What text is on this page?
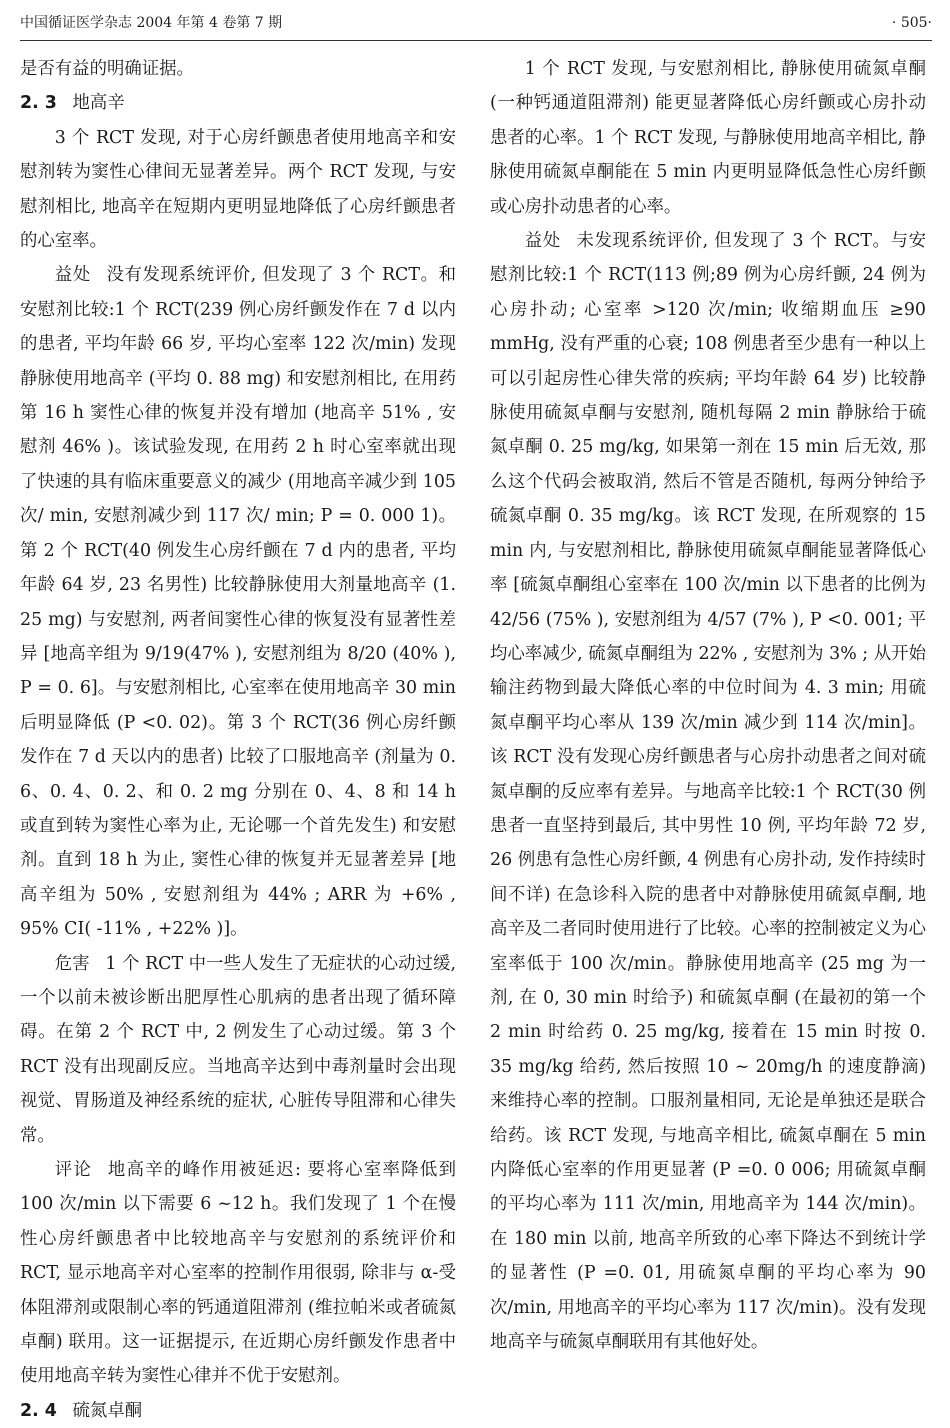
中国循证医学杂志 2004 年第 4 卷第 7 期	· 505·

是否有益的明确证据。

2. 3 地高辛

3 个 RCT 发现, 对于心房纤颤患者使用地高辛和安慰剂转为窦性心律间无显著差异。两个 RCT 发现, 与安慰剂相比, 地高辛在短期内更明显地降低了心房纤颤患者的心室率。

益处 没有发现系统评价, 但发现了 3 个 RCT。和安慰剂比较:1 个 RCT(239 例心房纤颤发作在 7 d 以内的患者, 平均年龄 66 岁, 平均心室率 122 次/min) 发现静脉使用地高辛 (平均 0. 88 mg) 和安慰剂相比, 在用药第 16 h 窦性心律的恢复并没有增加 (地高辛 51% , 安慰剂 46% )。该试验发现, 在用药 2 h 时心室率就出现了快速的具有临床重要意义的减少 (用地高辛减少到 105 次/ min, 安慰剂减少到 117 次/ min; P = 0. 000 1)。第 2 个 RCT(40 例发生心房纤颤在 7 d 内的患者, 平均年龄 64 岁, 23 名男性) 比较静脉使用大剂量地高辛 (1. 25 mg) 与安慰剂, 两者间窦性心律的恢复没有显著性差异 [地高辛组为 9/19(47% ), 安慰剂组为 8/20 (40% ), P = 0. 6]。与安慰剂相比, 心室率在使用地高辛 30 min 后明显降低 (P <0. 02)。第 3 个 RCT(36 例心房纤颤发作在 7 d 天以内的患者) 比较了口服地高辛 (剂量为 0. 6、0. 4、0. 2、和 0. 2 mg 分别在 0、4、8 和 14 h 或直到转为窦性心率为止, 无论哪一个首先发生) 和安慰剂。直到 18 h 为止, 窦性心律的恢复并无显著差异 [地高辛组为 50% , 安慰剂组为 44% ; ARR 为 +6% , 95% CI( -11% , +22% )]。

危害 1 个 RCT 中一些人发生了无症状的心动过缓, 一个以前未被诊断出肥厚性心肌病的患者出现了循环障碍。在第 2 个 RCT 中, 2 例发生了心动过缓。第 3 个 RCT 没有出现副反应。当地高辛达到中毒剂量时会出现视觉、胃肠道及神经系统的症状, 心脏传导阻滞和心律失常。

评论 地高辛的峰作用被延迟: 要将心室率降低到 100 次/min 以下需要 6 ~12 h。我们发现了 1 个在慢性心房纤颤患者中比较地高辛与安慰剂的系统评价和 RCT, 显示地高辛对心室率的控制作用很弱, 除非与 α-受体阻滞剂或限制心率的钙通道阻滞剂 (维拉帕米或者硫氮卓酮) 联用。这一证据提示, 在近期心房纤颤发作患者中使用地高辛转为窦性心律并不优于安慰剂。

2. 4 硫氮卓酮

1 个 RCT 发现, 与安慰剂相比, 静脉使用硫氮卓酮 (一种钙通道阻滞剂) 能更显著降低心房纤颤或心房扑动患者的心率。1 个 RCT 发现, 与静脉使用地高辛相比, 静脉使用硫氮卓酮能在 5 min 内更明显降低急性心房纤颤或心房扑动患者的心率。

益处 未发现系统评价, 但发现了 3 个 RCT。与安慰剂比较:1 个 RCT(113 例;89 例为心房纤颤, 24 例为心房扑动; 心室率 >120 次/min; 收缩期血压 ≥90 mmHg, 没有严重的心衰; 108 例患者至少患有一种以上可以引起房性心律失常的疾病; 平均年龄 64 岁) 比较静脉使用硫氮卓酮与安慰剂, 随机每隔 2 min 静脉给于硫氮卓酮 0. 25 mg/kg, 如果第一剂在 15 min 后无效, 那么这个代码会被取消, 然后不管是否随机, 每两分钟给予硫氮卓酮 0. 35 mg/kg。该 RCT 发现, 在所观察的 15 min 内, 与安慰剂相比, 静脉使用硫氮卓酮能显著降低心率 [硫氮卓酮组心室率在 100 次/min 以下患者的比例为 42/56 (75% ), 安慰剂组为 4/57 (7% ), P <0. 001; 平均心率减少, 硫氮卓酮组为 22% , 安慰剂为 3% ; 从开始输注药物到最大降低心率的中位时间为 4. 3 min; 用硫氮卓酮平均心率从 139 次/min 减少到 114 次/min]。该 RCT 没有发现心房纤颤患者与心房扑动患者之间对硫氮卓酮的反应率有差异。与地高辛比较:1 个 RCT(30 例患者一直坚持到最后, 其中男性 10 例, 平均年龄 72 岁, 26 例患有急性心房纤颤, 4 例患有心房扑动, 发作持续时间不详) 在急诊科入院的患者中对静脉使用硫氮卓酮, 地高辛及二者同时使用进行了比较。心率的控制被定义为心室率低于 100 次/min。静脉使用地高辛 (25 mg 为一剂, 在 0, 30 min 时给予) 和硫氮卓酮 (在最初的第一个 2 min 时给药 0. 25 mg/kg, 接着在 15 min 时按 0. 35 mg/kg 给药, 然后按照 10 ~ 20mg/h 的速度静滴) 来维持心率的控制。口服剂量相同, 无论是单独还是联合给药。该 RCT 发现, 与地高辛相比, 硫氮卓酮在 5 min 内降低心室率的作用更显著 (P =0. 0 006; 用硫氮卓酮的平均心率为 111 次/min, 用地高辛为 144 次/min)。在 180 min 以前, 地高辛所致的心率下降达不到统计学的显著性 (P =0. 01, 用硫氮卓酮的平均心率为 90 次/min, 用地高辛的平均心率为 117 次/min)。没有发现地高辛与硫氮卓酮联用有其他好处。
